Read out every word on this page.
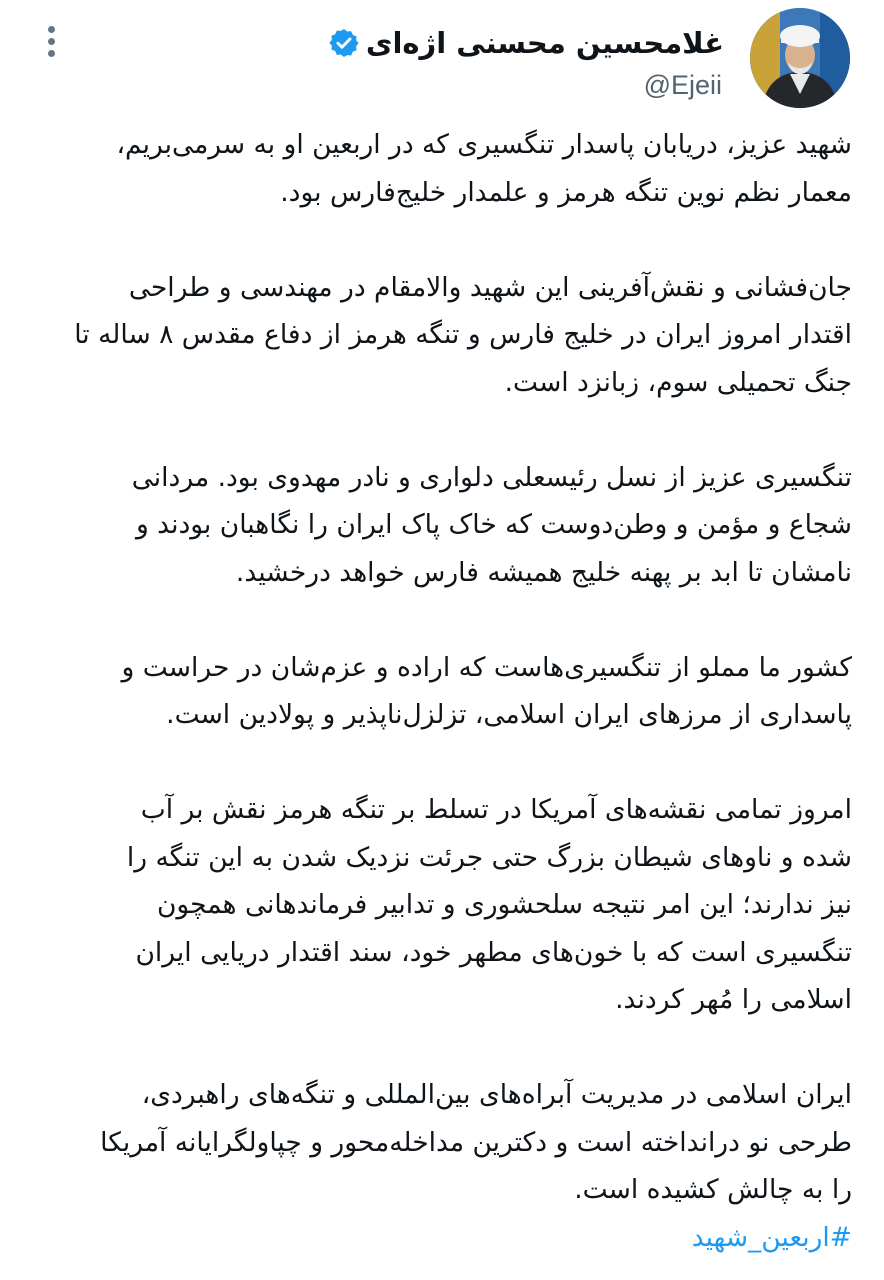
غلامحسین محسنی اژه‌ای
@Ejeii

شهید عزیز، دریابان پاسدار تنگسیری که در اربعین او به سرمی‌بریم،
معمار نظم نوین تنگه هرمز و علمدار خلیج‌فارس بود.

جان‌فشانی و نقش‌آفرینی این شهید والامقام در مهندسی و طراحی
اقتدار امروز ایران در خلیج فارس و تنگه هرمز از دفاع مقدس ۸ ساله تا
جنگ تحمیلی سوم، زبانزد است.

تنگسیری عزیز از نسل رئیسعلی دلواری و نادر مهدوی بود. مردانی
شجاع و مؤمن و وطن‌دوست که خاک پاک ایران را نگاهبان بودند و
نامشان تا ابد بر پهنه خلیج همیشه فارس خواهد درخشید.

کشور ما مملو از تنگسیری‌هاست که اراده و عزم‌شان در حراست و
پاسداری از مرزهای ایران اسلامی، تزلزل‌ناپذیر و پولادین است.

امروز تمامی نقشه‌های آمریکا در تسلط بر تنگه هرمز نقش بر آب
شده و ناوهای شیطان بزرگ حتی جرئت نزدیک شدن به این تنگه را
نیز ندارند؛ این امر نتیجه سلحشوری و تدابیر فرماندهانی همچون
تنگسیری است که با خون‌های مطهر خود، سند اقتدار دریایی ایران
اسلامی را مُهر کردند.

ایران اسلامی در مدیریت آبراه‌های بین‌المللی و تنگه‌های راهبردی،
طرحی نو درانداخته است و دکترین مداخله‌محور و چپاولگرایانه آمریکا
را به چالش کشیده است.

#اربعین_شهید
